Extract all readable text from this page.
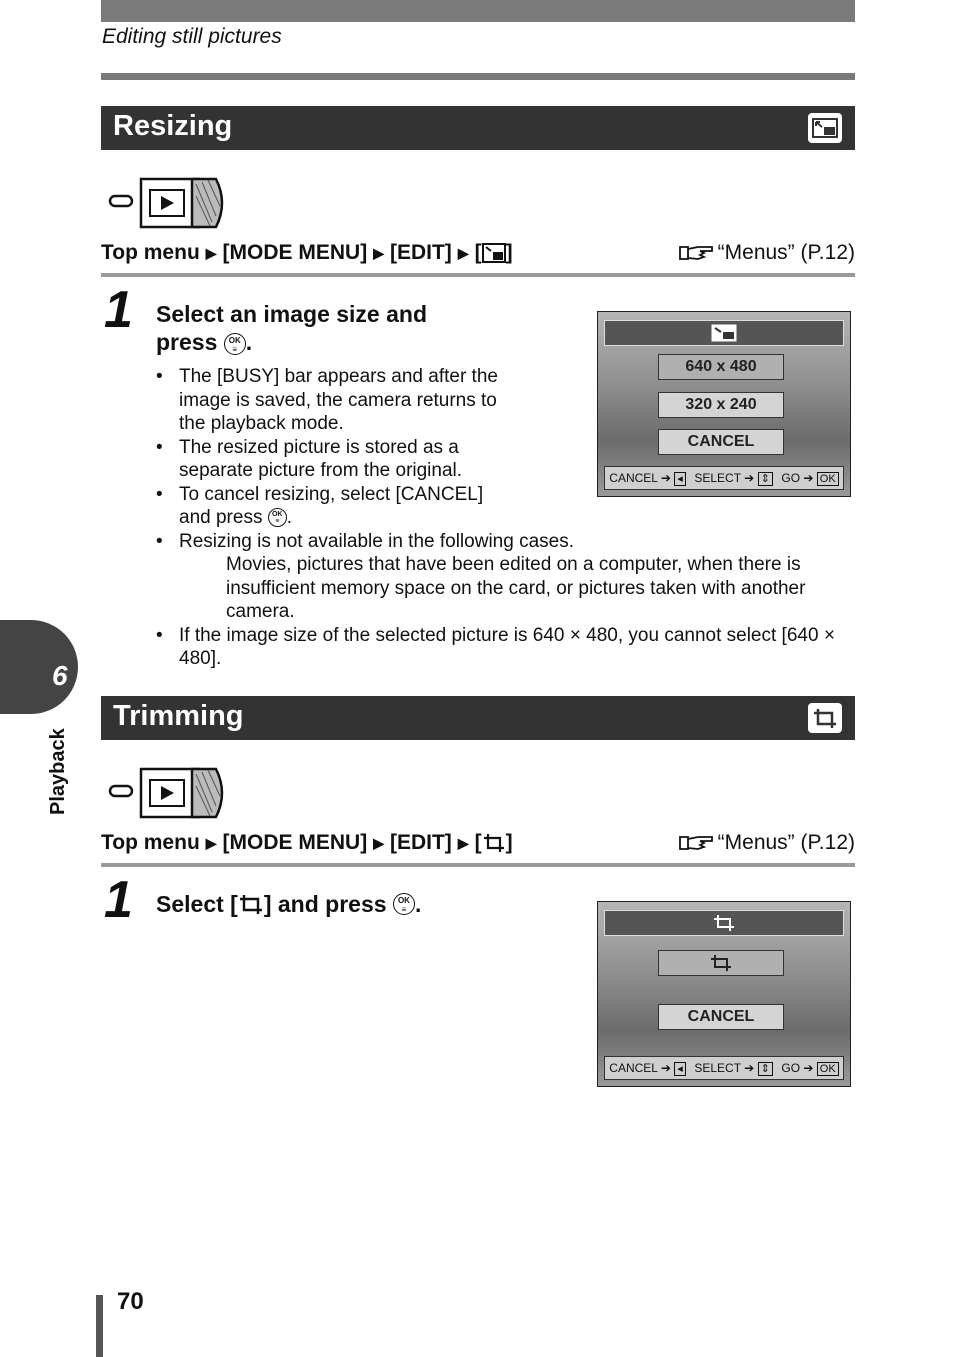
Editing still pictures
Resizing
Top menu ▶ [MODE MENU] ▶ [EDIT] ▶ [ ]	“Menus” (P.12)
1 Select an image size and
press OK
≡ .
• The [BUSY] bar appears and after the image is saved, the camera returns to the playback mode.
• The resized picture is stored as a separate picture from the original.
• To cancel resizing, select [CANCEL] and press OK
≡ .
• Resizing is not available in the following cases.
Movies, pictures that have been edited on a computer, when there is insufficient memory space on the card, or pictures taken with another camera.
• If the image size of the selected picture is 640 × 480, you cannot select [640 × 480].
640 x 480
320 x 240
CANCEL
CANCEL ➔ ◂ SELECT ➔ ⇕ GO ➔ OK
Trimming
Top menu ▶ [MODE MENU] ▶ [EDIT] ▶ [ ]	“Menus” (P.12)
1 Select [ ] and press
	OK
≡ .
CANCEL
CANCEL ➔ ◂ SELECT ➔ ⇕ GO ➔ OK
6
Playback
70
